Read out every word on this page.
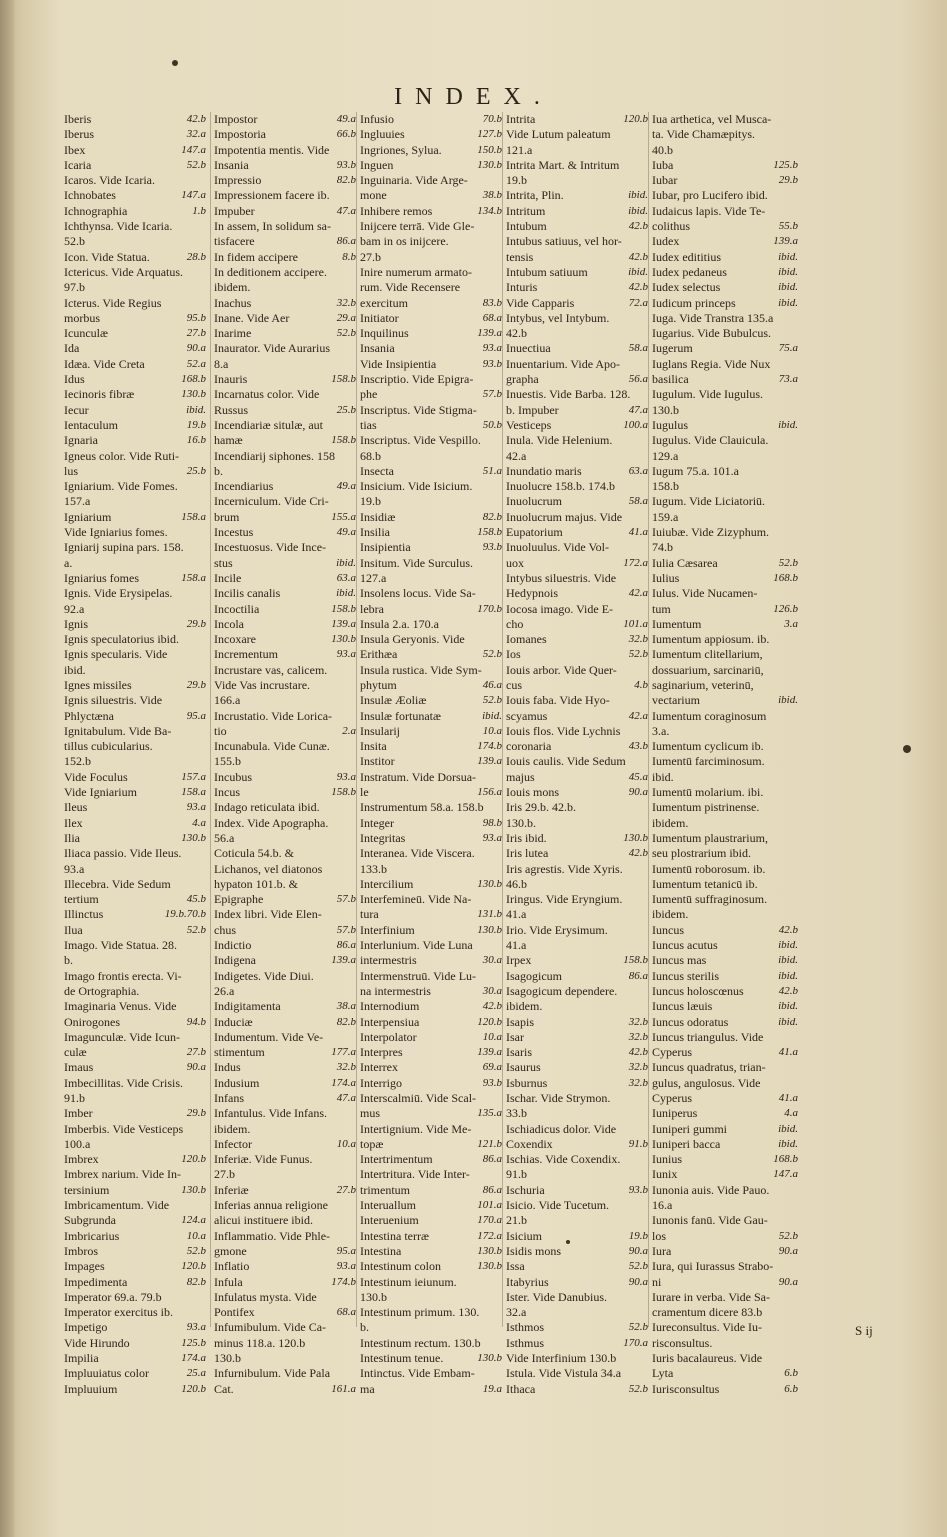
INDEX.
Iberis	42.b
Iberus	32.a
Ibex	147.a
Icaria	52.b
Icaros. Vide Icaria.
Ichnobates	147.a
Ichnographia	1.b
Ichthynsa. Vide Icaria.
52.b
Icon. Vide Statua.	28.b
Ictericus. Vide Arquatus.
97.b
Icterus. Vide Regius
morbus	95.b
Icunculæ	27.b
Ida	90.a
Idæa. Vide Creta	52.a
Idus	168.b
Iecinoris fibræ	130.b
Iecur	ibid.
Ientaculum	19.b
Ignaria	16.b
Igneus color. Vide Ruti-
lus	25.b
Igniarium. Vide Fomes.
157.a
Igniarium	158.a
Vide Igniarius fomes.
Igniarij supina pars. 158.
a.
Igniarius fomes	158.a
Ignis. Vide Erysipelas.
92.a
Ignis	29.b
Ignis speculatorius ibid.
Ignis specularis. Vide
ibid.
Ignes missiles	29.b
Ignis siluestris. Vide
Phlyctæna	95.a
Ignitabulum. Vide Ba-
tillus cubicularius.
152.b
Vide Foculus	157.a
Vide Igniarium	158.a
Ileus	93.a
Ilex	4.a
Ilia	130.b
Iliaca passio. Vide Ileus.
93.a
Illecebra. Vide Sedum
tertium	45.b
Illinctus	19.b.70.b
Ilua	52.b
Imago. Vide Statua. 28.
b.
Imago frontis erecta. Vi-
de Ortographia.
Imaginaria Venus. Vide
Onirogones	94.b
Imagunculæ. Vide Icun-
culæ	27.b
Imaus	90.a
Imbecillitas. Vide Crisis.
91.b
Imber	29.b
Imberbis. Vide Vesticeps
100.a
Imbrex	120.b
Imbrex narium. Vide In-
tersinium	130.b
Imbricamentum. Vide
Subgrunda	124.a
Imbricarius	10.a
Imbros	52.b
Impages	120.b
Impedimenta	82.b
Imperator 69.a. 79.b
Imperator exercitus ib.
Impetigo	93.a
Vide Hirundo	125.b
Impilia	174.a
Impluuiatus color	25.a
Impluuium	120.b
Impostor	49.a
Impostoria	66.b
Impotentia mentis. Vide
Insania	93.b
Impressio	82.b
Impressionem facere ib.
Impuber	47.a
In assem, In solidum sa-
tisfacere	86.a
In fidem accipere	8.b
In deditionem accipere.
ibidem.
Inachus	32.b
Inane. Vide Aer	29.a
Inarime	52.b
Inaurator. Vide Aurarius
8.a
Inauris	158.b
Incarnatus color. Vide
Russus	25.b
Incendiariæ situlæ, aut
hamæ	158.b
Incendiarij siphones. 158
b.
Incendiarius	49.a
Incerniculum. Vide Cri-
brum	155.a
Incestus	49.a
Incestuosus. Vide Ince-
stus	ibid.
Incile	63.a
Incilis canalis	ibid.
Incoctilia	158.b
Incola	139.a
Incoxare	130.b
Incrementum	93.a
Incrustare vas, calicem.
Vide Vas incrustare.
166.a
Incrustatio. Vide Lorica-
tio	2.a
Incunabula. Vide Cunæ.
155.b
Incubus	93.a
Incus	158.b
Indago reticulata ibid.
Index. Vide Apographa.
56.a
Coticula 54.b. &
Lichanos, vel diatonos
hypaton 101.b. &
Epigraphe	57.b
Index libri. Vide Elen-
chus	57.b
Indictio	86.a
Indigena	139.a
Indigetes. Vide Diui.
26.a
Indigitamenta	38.a
Induciæ	82.b
Indumentum. Vide Ve-
stimentum	177.a
Indus	32.b
Indusium	174.a
Infans	47.a
Infantulus. Vide Infans.
ibidem.
Infector	10.a
Inferiæ. Vide Funus.
27.b
Inferiæ	27.b
Inferias annua religione
alicui instituere ibid.
Inflammatio. Vide Phle-
gmone	95.a
Inflatio	93.a
Infula	174.b
Infulatus mysta. Vide
Pontifex	68.a
Infumibulum. Vide Ca-
minus 118.a. 120.b
130.b
Infurnibulum. Vide Pala
Cat.	161.a
Infusio	70.b
Ingluuies	127.b
Ingriones, Sylua.	150.b
Inguen	130.b
Inguinaria. Vide Arge-
mone	38.b
Inhibere remos	134.b
Inijcere terrā. Vide Gle-
bam in os inijcere.
27.b
Inire numerum armato-
rum. Vide Recensere
exercitum	83.b
Initiator	68.a
Inquilinus	139.a
Insania	93.a
Vide Insipientia	93.b
Inscriptio. Vide Epigra-
phe	57.b
Inscriptus. Vide Stigma-
tias	50.b
Inscriptus. Vide Vespillo.
68.b
Insecta	51.a
Insicium. Vide Isicium.
19.b
Insidiæ	82.b
Insilia	158.b
Insipientia	93.b
Insitum. Vide Surculus.
127.a
Insolens locus. Vide Sa-
lebra	170.b
Insula 2.a. 170.a
Insula Geryonis. Vide
Erithæa	52.b
Insula rustica. Vide Sym-
phytum	46.a
Insulæ Æoliæ	52.b
Insulæ fortunatæ	ibid.
Insularij	10.a
Insita	174.b
Institor	139.a
Instratum. Vide Dorsua-
le	156.a
Instrumentum 58.a. 158.b
Integer	98.b
Integritas	93.a
Interanea. Vide Viscera.
133.b
Intercilium	130.b
Interfemineū. Vide Na-
tura	131.b
Interfinium	130.b
Interlunium. Vide Luna
intermestris	30.a
Intermenstruū. Vide Lu-
na intermestris	30.a
Internodium	42.b
Interpensiua	120.b
Interpolator	10.a
Interpres	139.a
Interrex	69.a
Interrigo	93.b
Interscalmiū. Vide Scal-
mus	135.a
Intertignium. Vide Me-
topæ	121.b
Intertrimentum	86.a
Intertritura. Vide Inter-
trimentum	86.a
Interuallum	101.a
Interuenium	170.a
Intestina terræ	172.a
Intestina	130.b
Intestinum colon	130.b
Intestinum ieiunum.
130.b
Intestinum primum. 130.
b.
Intestinum rectum. 130.b
Intestinum tenue.	130.b
Intinctus. Vide Embam-
ma	19.a
Intrita	120.b
Vide Lutum paleatum
121.a
Intrita Mart. & Intritum
19.b
Intrita, Plin.	ibid.
Intritum	ibid.
Intubum	42.b
Intubus satiuus, vel hor-
tensis	42.b
Intubum satiuum	ibid.
Inturis	42.b
Vide Capparis	72.a
Intybus, vel Intybum.
42.b
Inuectiua	58.a
Inuentarium. Vide Apo-
grapha	56.a
Inuestis. Vide Barba. 128.
b. Impuber	47.a
Vesticeps	100.a
Inula. Vide Helenium.
42.a
Inundatio maris	63.a
Inuolucre 158.b. 174.b
Inuolucrum	58.a
Inuolucrum majus. Vide
Eupatorium	41.a
Inuoluulus. Vide Vol-
uox	172.a
Intybus siluestris. Vide
Hedypnois	42.a
Iocosa imago. Vide E-
cho	101.a
Iomanes	32.b
Ios	52.b
Iouis arbor. Vide Quer-
cus	4.b
Iouis faba. Vide Hyo-
scyamus	42.a
Iouis flos. Vide Lychnis
coronaria	43.b
Iouis caulis. Vide Sedum
majus	45.a
Iouis mons	90.a
Iris 29.b. 42.b.
130.b.
Iris ibid.	130.b
Iris lutea	42.b
Iris agrestis. Vide Xyris.
46.b
Iringus. Vide Eryngium.
41.a
Irio. Vide Erysimum.
41.a
Irpex	158.b
Isagogicum	86.a
Isagogicum dependere.
ibidem.
Isapis	32.b
Isar	32.b
Isaris	42.b
Isaurus	32.b
Isburnus	32.b
Ischar. Vide Strymon.
33.b
Ischiadicus dolor. Vide
Coxendix	91.b
Ischias. Vide Coxendix.
91.b
Ischuria	93.b
Isicio. Vide Tucetum.
21.b
Isicium	19.b
Isidis mons	90.a
Issa	52.b
Itabyrius	90.a
Ister. Vide Danubius.
32.a
Isthmos	52.b
Isthmus	170.a
Vide Interfinium 130.b
Istula. Vide Vistula 34.a
Ithaca	52.b
Iua arthetica, vel Musca-
ta. Vide Chamæpitys.
40.b
Iuba	125.b
Iubar	29.b
Iubar, pro Lucifero ibid.
Iudaicus lapis. Vide Te-
colithus	55.b
Iudex	139.a
Iudex edititius	ibid.
Iudex pedaneus	ibid.
Iudex selectus	ibid.
Iudicum princeps	ibid.
Iuga. Vide Transtra 135.a
Iugarius. Vide Bubulcus.
Iugerum	75.a
Iuglans Regia. Vide Nux
basilica	73.a
Iugulum. Vide Iugulus.
130.b
Iugulus	ibid.
Iugulus. Vide Clauicula.
129.a
Iugum 75.a. 101.a
158.b
Iugum. Vide Liciatoriū.
159.a
Iuiubæ. Vide Zizyphum.
74.b
Iulia Cæsarea	52.b
Iulius	168.b
Iulus. Vide Nucamen-
tum	126.b
Iumentum	3.a
Iumentum appiosum. ib.
Iumentum clitellarium,
dossuarium, sarcinariū,
saginarium, veterinū,
vectarium	ibid.
Iumentum coraginosum
3.a.
Iumentum cyclicum ib.
Iumentū farciminosum.
ibid.
Iumentū molarium. ibi.
Iumentum pistrinense.
ibidem.
Iumentum plaustrarium,
seu plostrarium ibid.
Iumentū roborosum. ib.
Iumentum tetanicū ib.
Iumentū suffraginosum.
ibidem.
Iuncus	42.b
Iuncus acutus	ibid.
Iuncus mas	ibid.
Iuncus sterilis	ibid.
Iuncus holoscœnus	42.b
Iuncus læuis	ibid.
Iuncus odoratus	ibid.
Iuncus triangulus. Vide
Cyperus	41.a
Iuncus quadratus, trian-
gulus, angulosus. Vide
Cyperus	41.a
Iuniperus	4.a
Iuniperi gummi	ibid.
Iuniperi bacca	ibid.
Iunius	168.b
Iunix	147.a
Iunonia auis. Vide Pauo.
16.a
Iunonis fanū. Vide Gau-
los	52.b
Iura	90.a
Iura, qui Iurassus Strabo-
ni	90.a
Iurare in verba. Vide Sa-
cramentum dicere 83.b
Iureconsultus. Vide Iu-
risconsultus.
Iuris bacalaureus. Vide
Lyta	6.b
Iurisconsultus	6.b
S ij
